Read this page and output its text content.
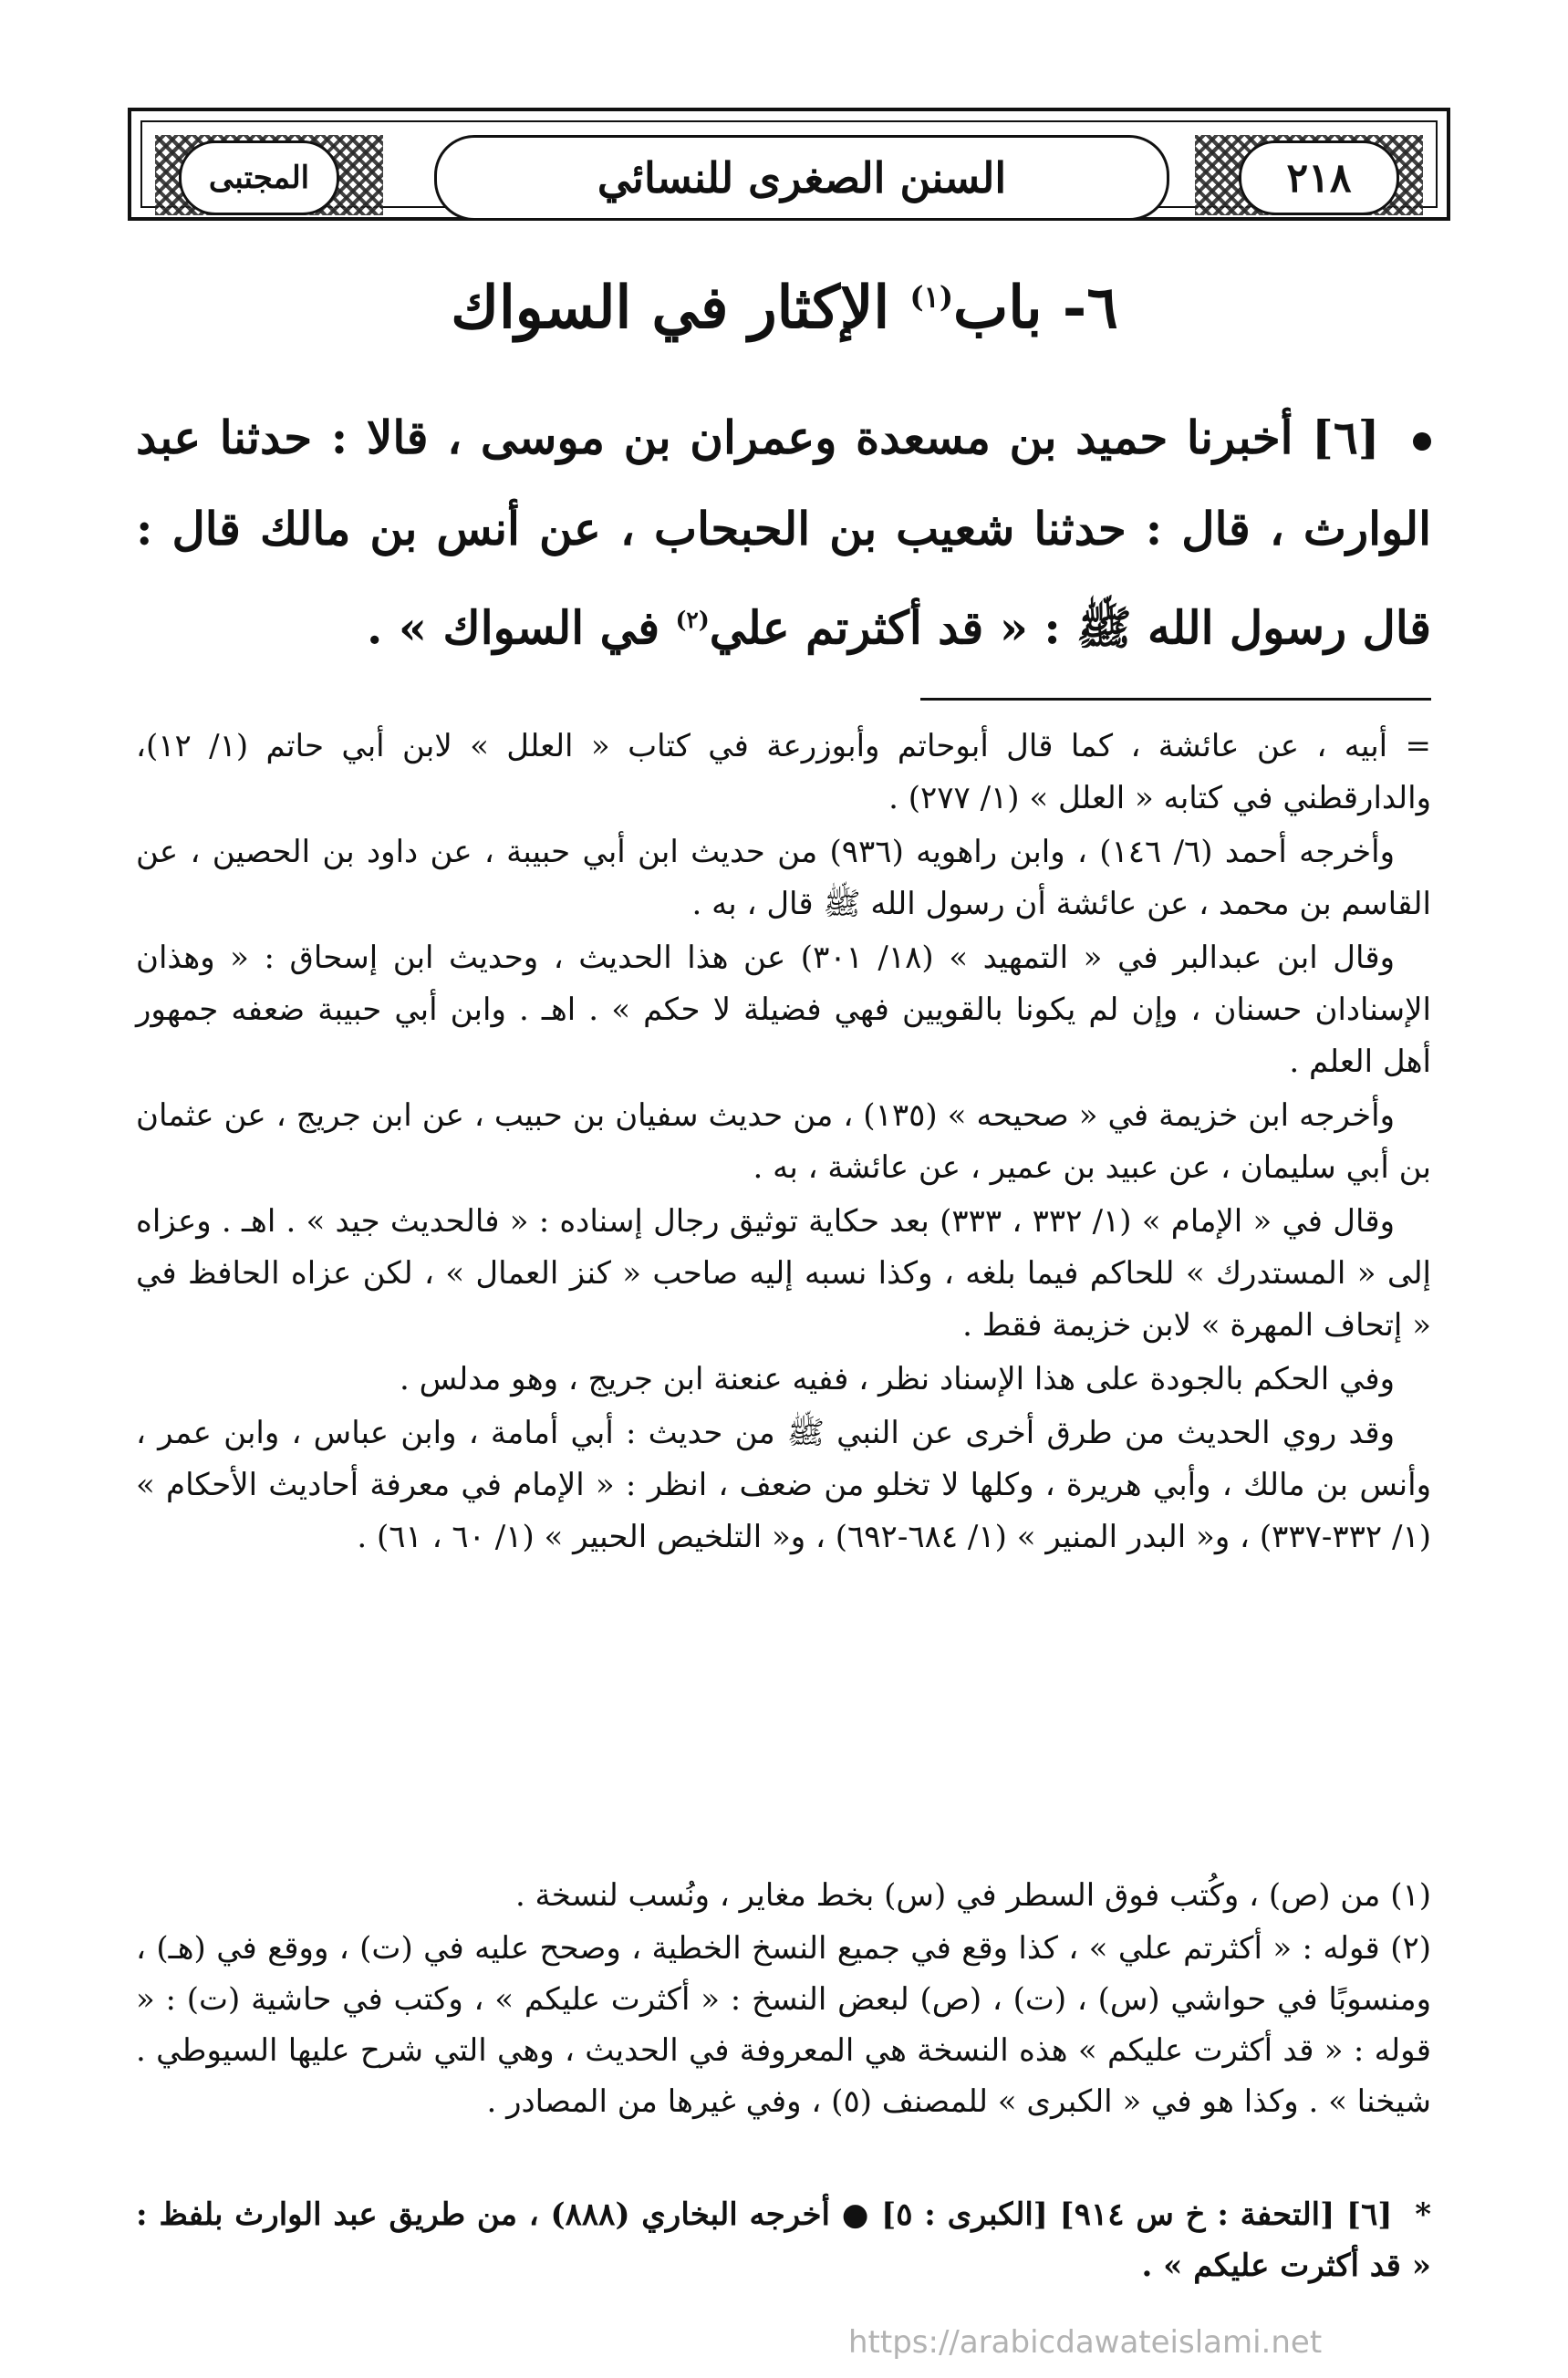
المجتبى	٢١٨
السنن الصغرى للنسائي
٦- باب$^{(١)}$ الإكثار في السواك
[٦] أخبرنا حميد بن مسعدة وعمران بن موسى ، قالا : حدثنا عبد الوارث ، قال : حدثنا شعيب بن الحبحاب ، عن أنس بن مالك قال : قال رسول الله ﷺ : « قد أكثرتم علي$^{(٢)}$ في السواك » .

= أبيه ، عن عائشة ، كما قال أبوحاتم وأبوزرعة في كتاب « العلل » لابن أبي حاتم (١/ ١٢)، والدارقطني في كتابه « العلل » (١/ ٢٧٧) .

وأخرجه أحمد (٦/ ١٤٦) ، وابن راهويه (٩٣٦) من حديث ابن أبي حبيبة ، عن داود بن الحصين ، عن القاسم بن محمد ، عن عائشة أن رسول الله ﷺ قال ، به .

وقال ابن عبدالبر في « التمهيد » (١٨/ ٣٠١) عن هذا الحديث ، وحديث ابن إسحاق : « وهذان الإسنادان حسنان ، وإن لم يكونا بالقويين فهي فضيلة لا حكم » . اهـ . وابن أبي حبيبة ضعفه جمهور أهل العلم .

وأخرجه ابن خزيمة في « صحيحه » (١٣٥) ، من حديث سفيان بن حبيب ، عن ابن جريج ، عن عثمان بن أبي سليمان ، عن عبيد بن عمير ، عن عائشة ، به .

وقال في « الإمام » (١/ ٣٣٢ ، ٣٣٣) بعد حكاية توثيق رجال إسناده : « فالحديث جيد » . اهـ . وعزاه إلى « المستدرك » للحاكم فيما بلغه ، وكذا نسبه إليه صاحب « كنز العمال » ، لكن عزاه الحافظ في « إتحاف المهرة » لابن خزيمة فقط .

وفي الحكم بالجودة على هذا الإسناد نظر ، ففيه عنعنة ابن جريج ، وهو مدلس .

وقد روي الحديث من طرق أخرى عن النبي ﷺ من حديث : أبي أمامة ، وابن عباس ، وابن عمر ، وأنس بن مالك ، وأبي هريرة ، وكلها لا تخلو من ضعف ، انظر : « الإمام في معرفة أحاديث الأحكام » (١/ ٣٣٢-٣٣٧) ، و« البدر المنير » (١/ ٦٨٤-٦٩٢) ، و« التلخيص الحبير » (١/ ٦٠ ، ٦١) .

(١) من (ص) ، وكُتب فوق السطر في (س) بخط مغاير ، ونُسب لنسخة .

(٢) قوله : « أكثرتم علي » ، كذا وقع في جميع النسخ الخطية ، وصحح عليه في (ت) ، ووقع في (هـ) ، ومنسوبًا في حواشي (س) ، (ت) ، (ص) لبعض النسخ : « أكثرت عليكم » ، وكتب في حاشية (ت) : « قوله : « قد أكثرت عليكم » هذه النسخة هي المعروفة في الحديث ، وهي التي شرح عليها السيوطي . شيخنا » . وكذا هو في « الكبرى » للمصنف (٥) ، وفي غيرها من المصادر .

* [٦] [التحفة : خ س ٩١٤] [الكبرى : ٥] ● أخرجه البخاري (٨٨٨) ، من طريق عبد الوارث بلفظ : « قد أكثرت عليكم » .
https://arabicdawateislami.net
